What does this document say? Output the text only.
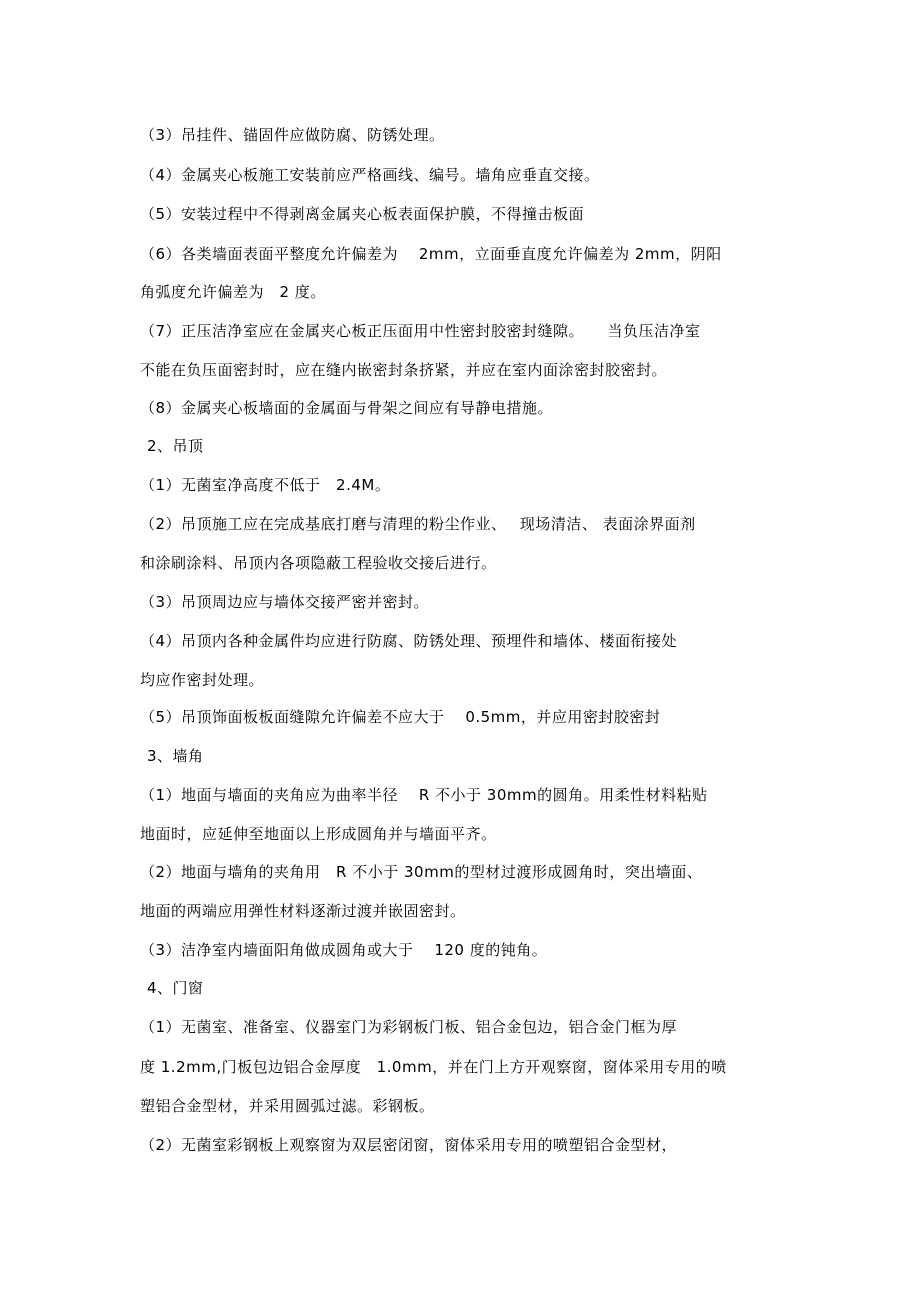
（3）吊挂件、锚固件应做防腐、防锈处理。
（4）金属夹心板施工安装前应严格画线、编号。墙角应垂直交接。
（5）安装过程中不得剥离金属夹心板表面保护膜，不得撞击板面
（6）各类墙面表面平整度允许偏差为　 2mm，立面垂直度允许偏差为 2mm，阴阳
角弧度允许偏差为　2 度。
（7）正压洁净室应在金属夹心板正压面用中性密封胶密封缝隙。　　当负压洁净室
不能在负压面密封时，应在缝内嵌密封条挤紧，并应在室内面涂密封胶密封。
（8）金属夹心板墙面的金属面与骨架之间应有导静电措施。
2、吊顶
（1）无菌室净高度不低于　2.4M。
（2）吊顶施工应在完成基底打磨与清理的粉尘作业、　 现场清洁、 表面涂界面剂
和涂刷涂料、吊顶内各项隐蔽工程验收交接后进行。
（3）吊顶周边应与墙体交接严密并密封。
（4）吊顶内各种金属件均应进行防腐、防锈处理、预埋件和墙体、楼面衔接处
均应作密封处理。
（5）吊顶饰面板板面缝隙允许偏差不应大于　 0.5mm，并应用密封胶密封
3、墙角
（1）地面与墙面的夹角应为曲率半径　 R 不小于 30mm的圆角。用柔性材料粘贴
地面时，应延伸至地面以上形成圆角并与墙面平齐。
（2）地面与墙角的夹角用　R 不小于 30mm的型材过渡形成圆角时，突出墙面、
地面的两端应用弹性材料逐渐过渡并嵌固密封。
（3）洁净室内墙面阳角做成圆角或大于　 120 度的钝角。
4、门窗
（1）无菌室、准备室、仪器室门为彩钢板门板、铝合金包边，铝合金门框为厚
度 1.2mm,门板包边铝合金厚度　1.0mm，并在门上方开观察窗，窗体采用专用的喷
塑铝合金型材，并采用圆弧过滤。彩钢板。
（2）无菌室彩钢板上观察窗为双层密闭窗，窗体采用专用的喷塑铝合金型材，
